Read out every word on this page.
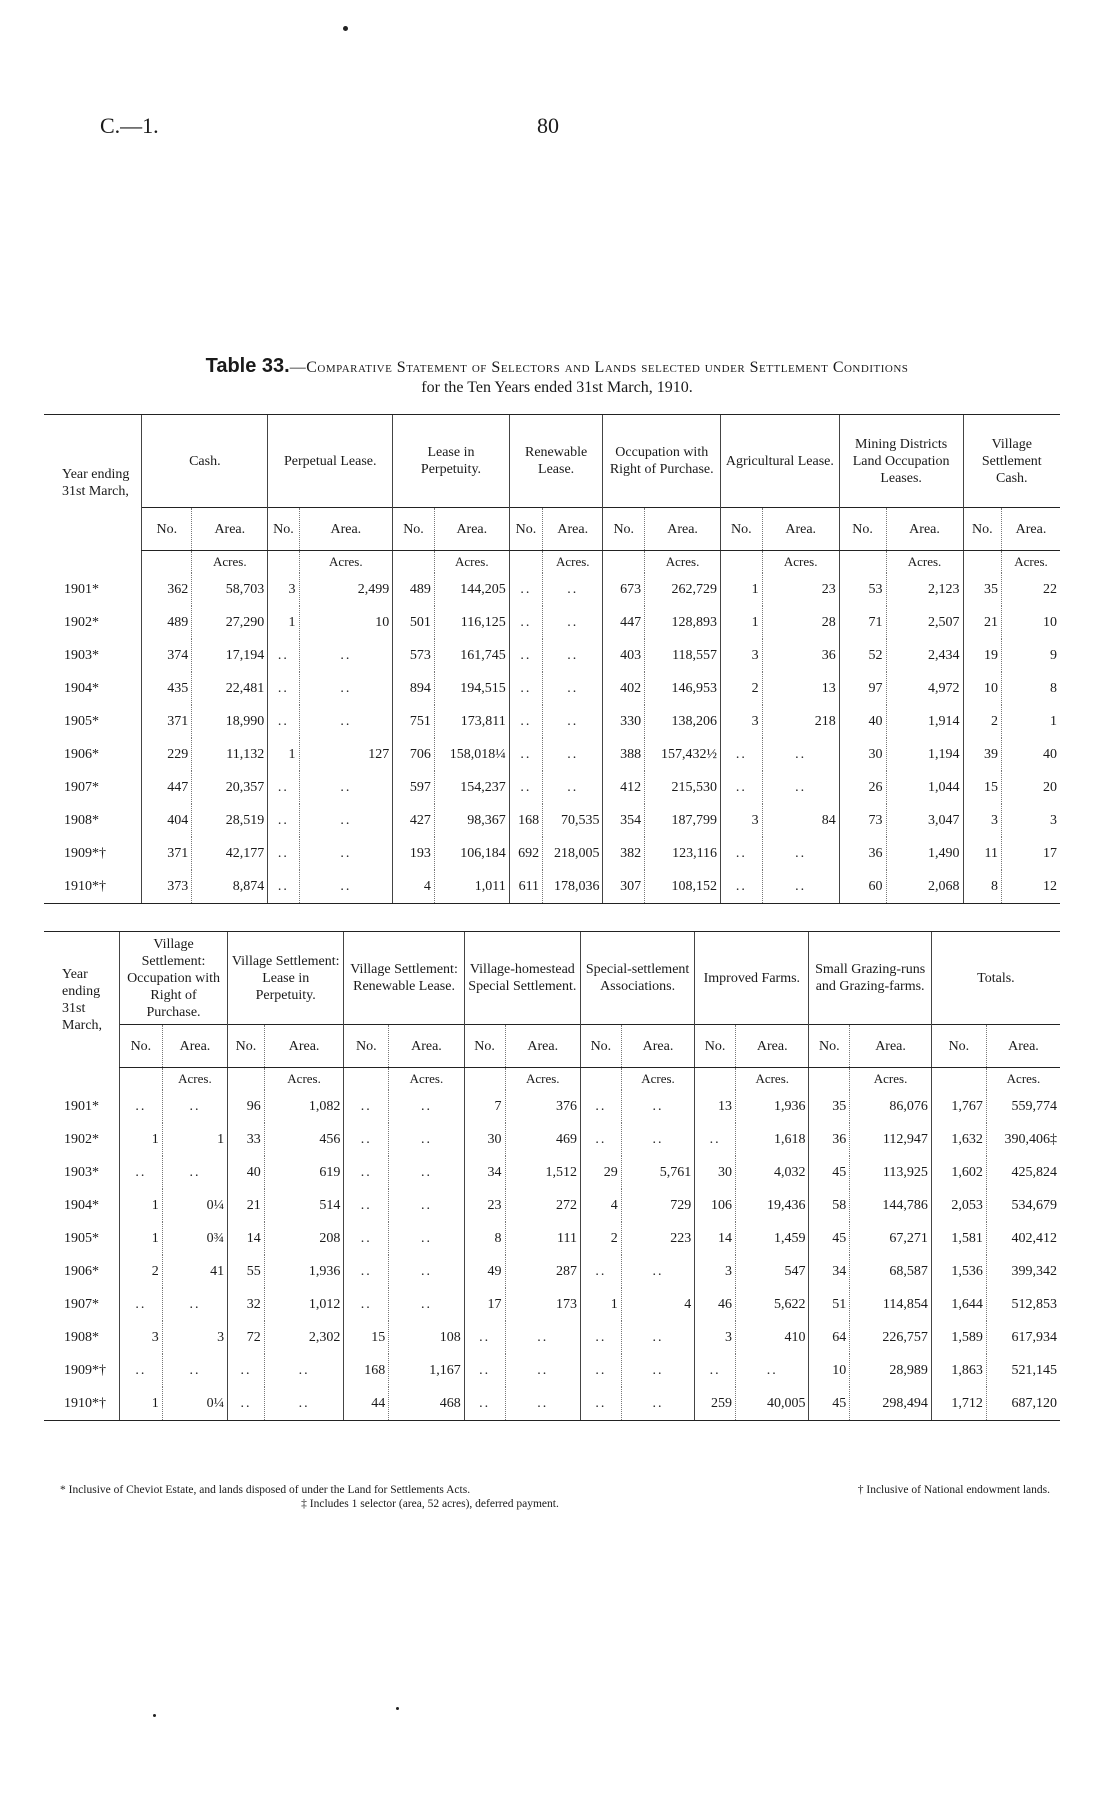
C.—1.	80
Table 33.—Comparative Statement of Selectors and Lands selected under Settlement Conditions
for the Ten Years ended 31st March, 1910.
Year ending 31st March,	Cash.		Perpetual Lease.		Lease in Perpetuity.		Renewable Lease.		Occupation with Right of Purchase.		Agricultural Lease.		Mining Districts Land Occupation Leases.		Village Settlement Cash.	
	No.	Area.	No.	Area.	No.	Area.	No.	Area.	No.	Area.	No.	Area.	No.	Area.	No.	Area.
		Acres.		Acres.		Acres.		Acres.		Acres.		Acres.		Acres.		Acres.
1901*	362	58,703	3	2,499	489	144,205	..	..	673	262,729	1	23	53	2,123	35	22
1902*	489	27,290	1	10	501	116,125	..	..	447	128,893	1	28	71	2,507	21	10
1903*	374	17,194	..	..	573	161,745	..	..	403	118,557	3	36	52	2,434	19	9
1904*	435	22,481	..	..	894	194,515	..	..	402	146,953	2	13	97	4,972	10	8
1905*	371	18,990	..	..	751	173,811	..	..	330	138,206	3	218	40	1,914	2	1
1906*	229	11,132	1	127	706	158,018¼	..	..	388	157,432½	..	..	30	1,194	39	40
1907*	447	20,357	..	..	597	154,237	..	..	412	215,530	..	..	26	1,044	15	20
1908*	404	28,519	..	..	427	98,367	168	70,535	354	187,799	3	84	73	3,047	3	3
1909*†	371	42,177	..	..	193	106,184	692	218,005	382	123,116	..	..	36	1,490	11	17
1910*†	373	8,874	..	..	4	1,011	611	178,036	307	108,152	..	..	60	2,068	8	12
Year ending 31st March,	Village Settlement: Occupation with Right of Purchase.		Village Settlement: Lease in Perpetuity.		Village Settlement: Renewable Lease.		Village-homestead Special Settlement.		Special-settlement Associations.		Improved Farms.		Small Grazing-runs and Grazing-farms.		Totals.	
	No.	Area.	No.	Area.	No.	Area.	No.	Area.	No.	Area.	No.	Area.	No.	Area.	No.	Area.
		Acres.		Acres.		Acres.		Acres.		Acres.		Acres.		Acres.		Acres.
1901*	..	..	96	1,082	..	..	7	376	..	..	13	1,936	35	86,076	1,767	559,774
1902*	1	1	33	456	..	..	30	469	..	..	..	1,618	36	112,947	1,632	390,406‡
1903*	..	..	40	619	..	..	34	1,512	29	5,761	30	4,032	45	113,925	1,602	425,824
1904*	1	0¼	21	514	..	..	23	272	4	729	106	19,436	58	144,786	2,053	534,679
1905*	1	0¾	14	208	..	..	8	111	2	223	14	1,459	45	67,271	1,581	402,412
1906*	2	41	55	1,936	..	..	49	287	..	..	3	547	34	68,587	1,536	399,342
1907*	..	..	32	1,012	..	..	17	173	1	4	46	5,622	51	114,854	1,644	512,853
1908*	3	3	72	2,302	15	108	..	..	..	..	3	410	64	226,757	1,589	617,934
1909*†	..	..	..	..	168	1,167	..	..	..	..	..	..	10	28,989	1,863	521,145
1910*†	1	0¼	..	..	44	468	..	..	..	..	259	40,005	45	298,494	1,712	687,120
* Inclusive of Cheviot Estate, and lands disposed of under the Land for Settlements Acts.	† Inclusive of National endowment lands.
‡ Includes 1 selector (area, 52 acres), deferred payment.
